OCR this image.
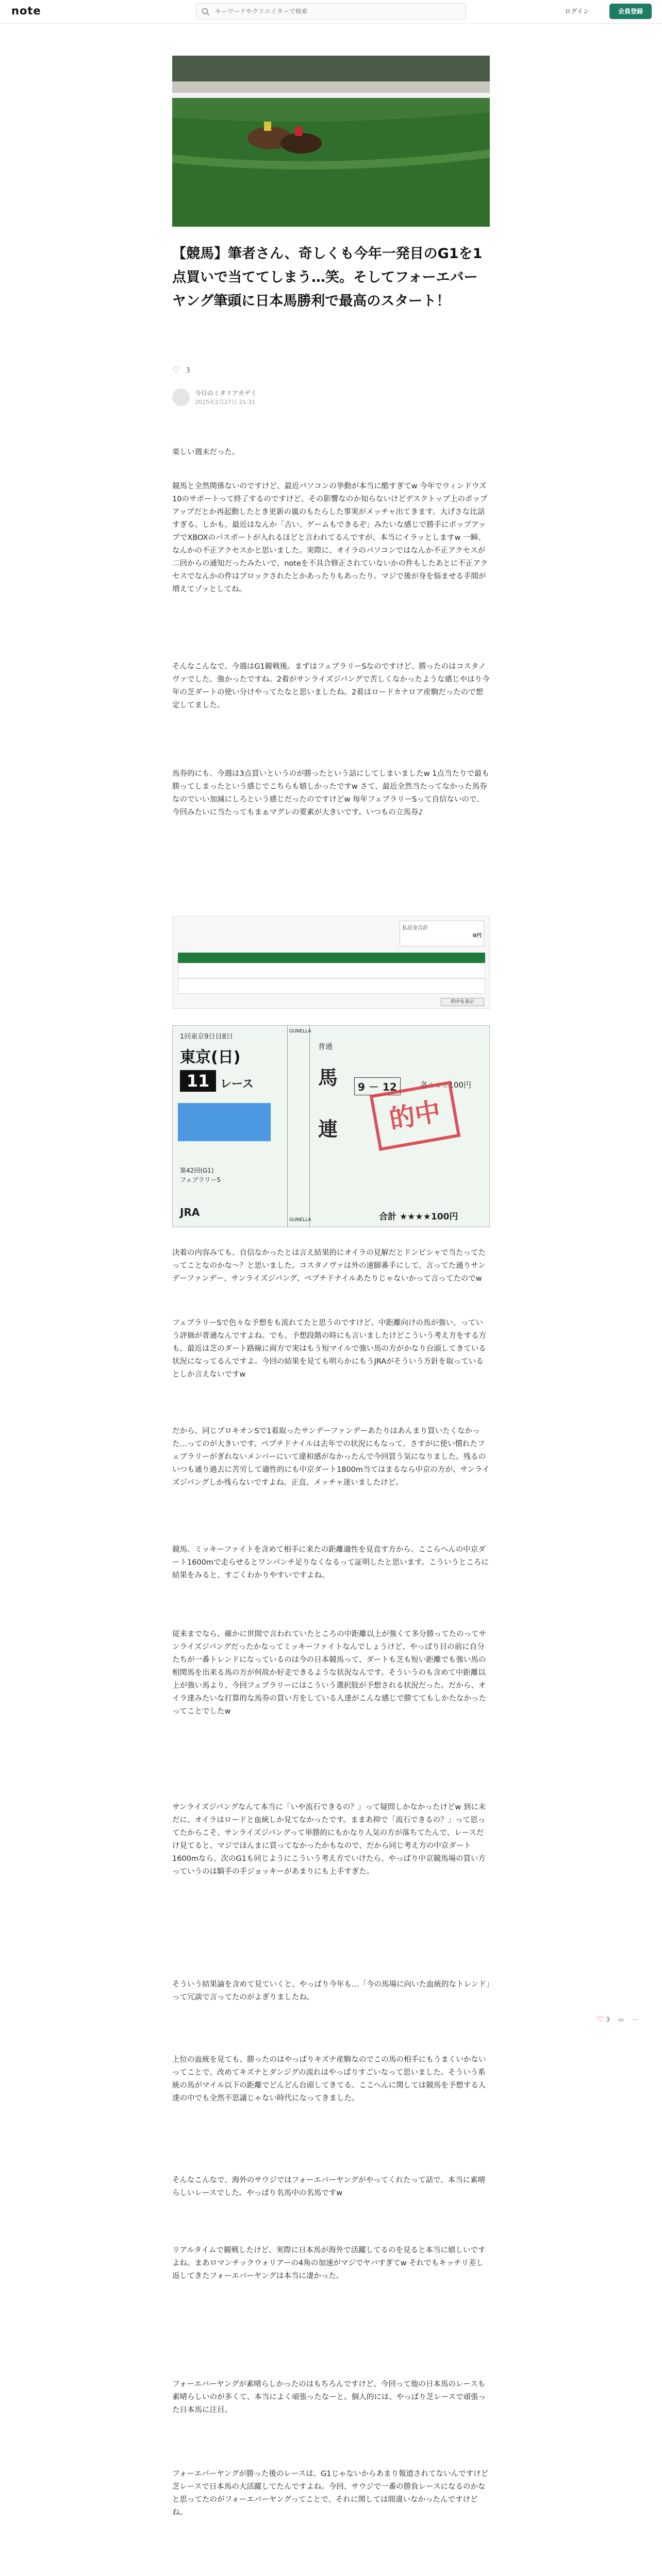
note
キーワードやクリエイターで検索	ログイン	会員登録
【競馬】筆者さん、奇しくも今年一発目のG1を1点買いで当ててしまう…笑。そしてフォーエバーヤング筆頭に日本馬勝利で最高のスタート！
♡ 3
今日のミタリアカデミ
2025年2月27日 21:31

楽しい週末だった。

競馬と全然関係ないのですけど、最近パソコンの挙動が本当に酷すぎてw 今年でウィンドウズ10のサポートって終了するのですけど、その影響なのか知らないけどデスクトップ上のポップアップだとか再起動したとき更新の嵐のもたらした事実がメッチャ出てきます。大げさな比話すぎる。しかも、最近はなんか「古い、ゲームもできるぞ」みたいな感じで勝手にポップアップでXBOXのパスポートが入れるほどと言われてるんですが、本当にイラッとしますw 一瞬、なんかの不正アクセスかと思いました。実際に、オイラのパソコンではなんか不正アクセスが二回からの通知だったみたいで、noteを不具合修正されていないかの件もしたあとに不正アクセスでなんかの件はブロックされたとかあったりもあったり。マジで後が身を悩ませる手間が増えてゾッとしてね。

そんなこんなで、今週はG1観戦後。まずはフェブラリーSなのですけど、勝ったのはコスタノヴァでした。強かったですね。2着がサンライズジパングで苦しくなかったような感じやはり今年の芝ダートの使い分けやってたなと思いましたね。2着はロードカナロア産駒だったので想定してました。

馬券的にも、今週は3点買いというのが勝ったという話にしてしまいましたw 1点当たりで最も勝ってしまったという感じでこちらも嬉しかったですw さて、最近全然当たってなかった馬券なのでいい加減にしろという感じだったのですけどw 毎年フェブラリーSって自信ないので、今回みたいに当たってもまぁマグレの要素が大きいです。いつもの立馬券♪

払戻金合計
0円
的中を表示
1回東京9日目8日
東京(日)
11 レース
第42回(G1)
フェブラリーS
JRA
GUNELLA
GUNELLA
普通
馬
連
9 － 12	各☆☆☆100円
的中
合計 ★★★★100円

決着の内容みても、自信なかったとは言え結果的にオイラの見解だとドンピシャで当たってたってことなのかな〜？と思いました。コスタノヴァは外の速脚番手にして、言ってた通りサンデーファンデー、サンライズジパング、ペプチドナイルあたりじゃないかって言ってたのでw

フェブラリーSで色々な予想をも流れてたと思うのですけど、中距離向けの馬が強い、っていう評価が普通なんですよね。でも、予想段階の時にも言いましたけどこういう考え方をする方も、最近は芝のダート路線に両方で実はもう短マイルで強い馬の方がかなり台頭してきている状況になってるんですよ。今回の結果を見ても明らかにもうJRAがそういう方針を取っているとしか言えないですw

だから、同じプロキオンSで1着取ったサンデーファンデーあたりはあんまり買いたくなかった…ってのが大きいです。ペプチドナイルは去年での状況にもなって、さすがに使い慣れたフェブラリーがぎれないメンバーにいて違和感がなかったんで今回買う気になりました。残るのいつも通り過去に苦労して適性的にも中京ダート1800m当てはまるなら中京の方が、サンライズジパングしか残らないですよね。正直、メッチャ迷いましたけど。

競馬、ミッキーファイトを含めて相手に来たの距離適性を見直す方から、ここらへんの中京ダート1600mで走らせるとワンパンチ足りなくなるって証明したと思います。こういうところに結果をみると、すごくわかりやすいですよね。

従来までなら、確かに世間で言われていたところの中距離以上が強くて多分勝ってたのってサンライズジパングだったかなってミッキーファイトなんでしょうけど、やっぱり目の前に自分たちが一番トレンドになっているのは今の日本競馬って、ダートも芝も短い距離でも強い馬の相関馬を出来る馬の方が何故か好走できるような状況なんです。そういうのも含めて中距離以上が強い馬より、今回フェブラリーにはこういう選択肢が予想される状況だった。だから、オイラ達みたいな打算的な馬券の買い方をしている人達がこんな感じで勝ててもしかたなかったってことでしたw

サンライズジパングなんて本当に「いや流石できるの？」って疑問しかなかったけどw 到に未だに、オイラはロードと血統しか見てなかったです。ままあ抑で「流石できるの？」って思ってたからこそ、サンライズジパングって単勝的にもかなり人気の方が落ちてたんで、レースだけ見てると、マジでほんまに買ってなかったかもなので、だから同じ考え方の中京ダート1600mなら、次のG1も同じようにこういう考え方でいけたら、やっぱり中京競馬場の買い方っていうのは騎手の手ジョッキーがあまりにも上手すぎた。

そういう結果論を含めて見ていくと、やっぱり今年も…「今の馬場に向いた血統的なトレンド」って冗談で言ってたのがよぎりましたね。

上位の血統を見ても、勝ったのはやっぱりキズナ産駒なのでこの馬の相手にもうまくいかないってことで、改めてキズナとダンジグの流れはやっぱりすごいなって思いました。そういう系統の馬がマイル以下の距離でどんどん台頭してきてる。ここへんに関しては競馬を予想する人達の中でも全然不思議じゃない時代になってきました。

そんなこんなで、海外のサウジではフォーエバーヤングがやってくれたって話で、本当に素晴らしいレースでした。やっぱり名馬中の名馬ですw

リアルタイムで観戦したけど、実際に日本馬が海外で活躍してるのを見ると本当に嬉しいですよね。まあロマンチックウォリアーの4角の加速がマジでヤバすぎてw それでもキッチリ差し返してきたフォーエバーヤングは本当に凄かった。

フォーエバーヤングが素晴らしかったのはもちろんですけど、今回って他の日本馬のレースも素晴らしいのが多くて、本当によく頑張ったなーと。個人的には、やっぱり芝レースで頑張った日本馬に注目。

フォーエバーヤングが勝った後のレースは、G1じゃないからあまり報道されてないんですけど芝レースで日本馬の大活躍してたんですよね。今回、サウジで一番の勝負レースになるのかなと思ってたのがフォーエバーヤングってことで、それに関しては間違いなかったんですけどね。

♡ 3 ▭ ⋯
